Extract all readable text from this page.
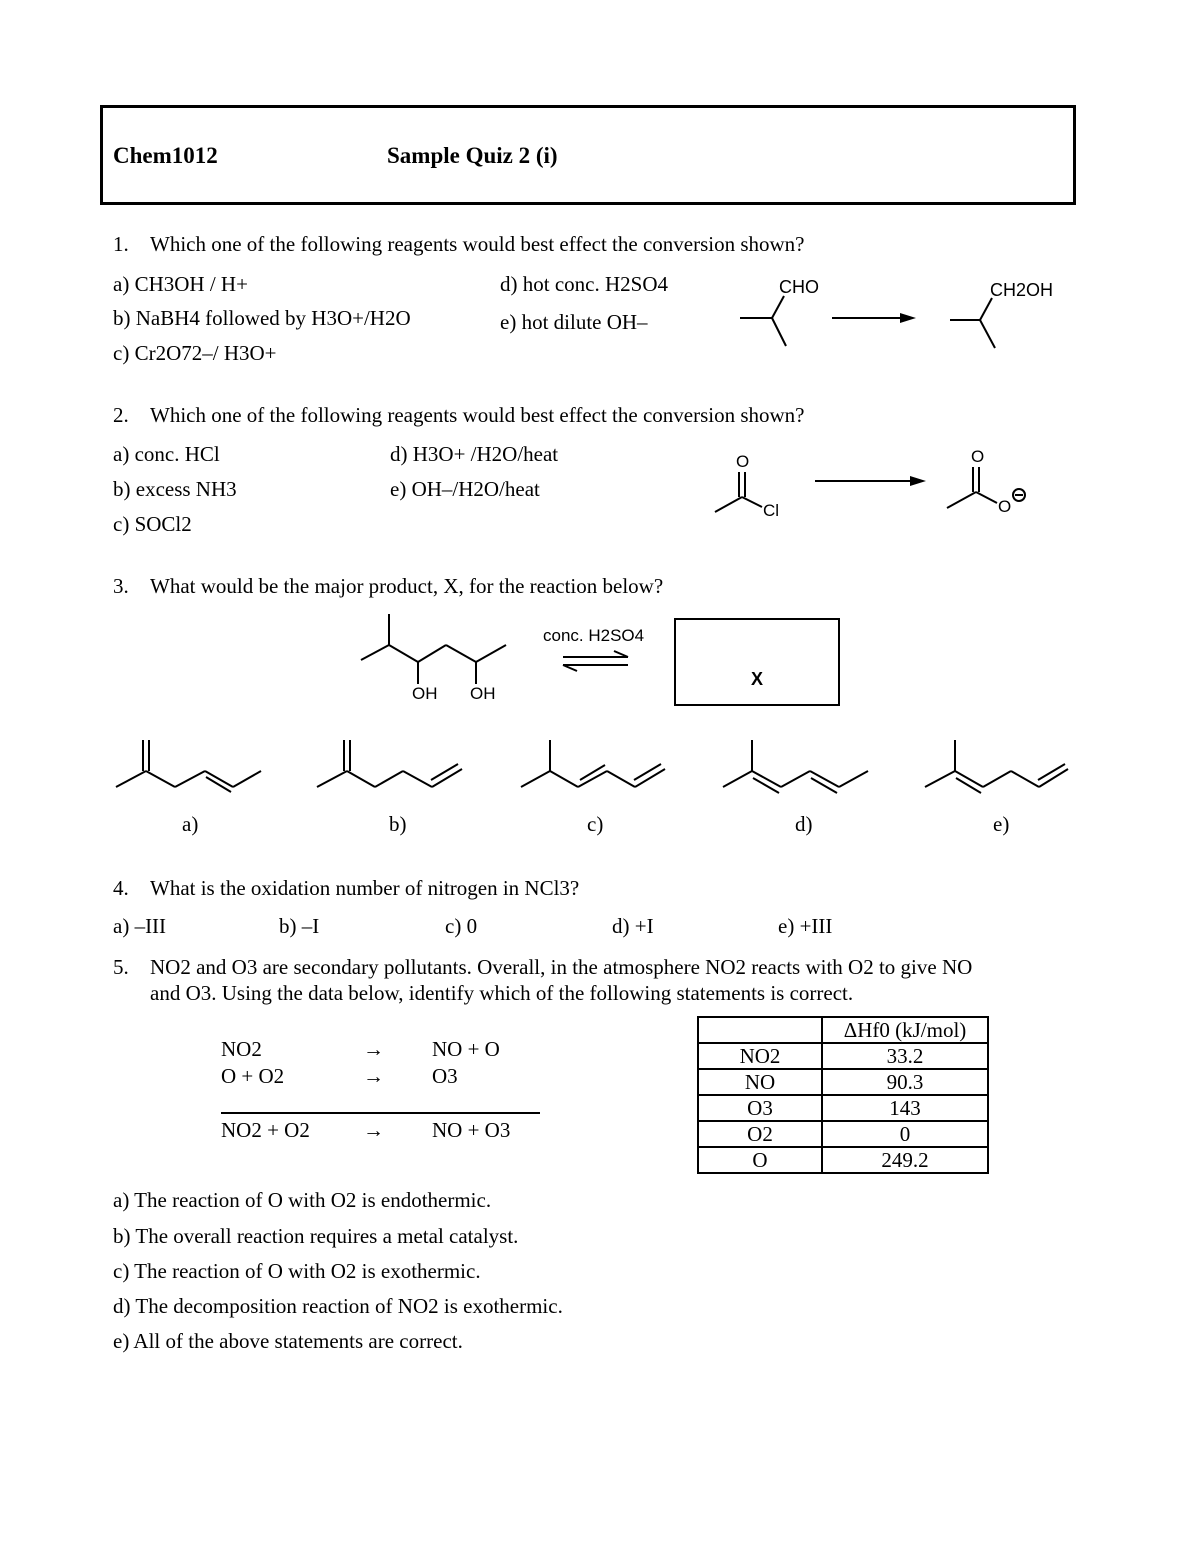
Chem1012	Sample Quiz 2 (i)
1. Which one of the following reagents would best effect the conversion shown?
a) CH3OH / H+
b) NaBH4 followed by H3O+/H2O
c) Cr2O72–/ H3O+
d) hot conc. H2SO4
e) hot dilute OH–
CHO	CH2OH
2. Which one of the following reagents would best effect the conversion shown?
a) conc. HCl
b) excess NH3
c) SOCl2
d) H3O+ /H2O/heat
e) OH–/H2O/heat
O
Cl
O
O
3. What would be the major product, X, for the reaction below?
OH OH
conc. H2SO4
X
a)	b)	c)	d)	e)
4. What is the oxidation number of nitrogen in NCl3?
a) –III	b) –I	c) 0	d) +I	e) +III
5. NO2 and O3 are secondary pollutants. Overall, in the atmosphere NO2 reacts with O2 to give NO
and O3. Using the data below, identify which of the following statements is correct.
NO2	→ NO + O
O + O2	→ O3
NO2 + O2	→ NO + O3
	ΔHf0 (kJ/mol)
NO2	33.2
NO	90.3
O3	143
O2	0
O	249.2
a) The reaction of O with O2 is endothermic.
b) The overall reaction requires a metal catalyst.
c) The reaction of O with O2 is exothermic.
d) The decomposition reaction of NO2 is exothermic.
e) All of the above statements are correct.
